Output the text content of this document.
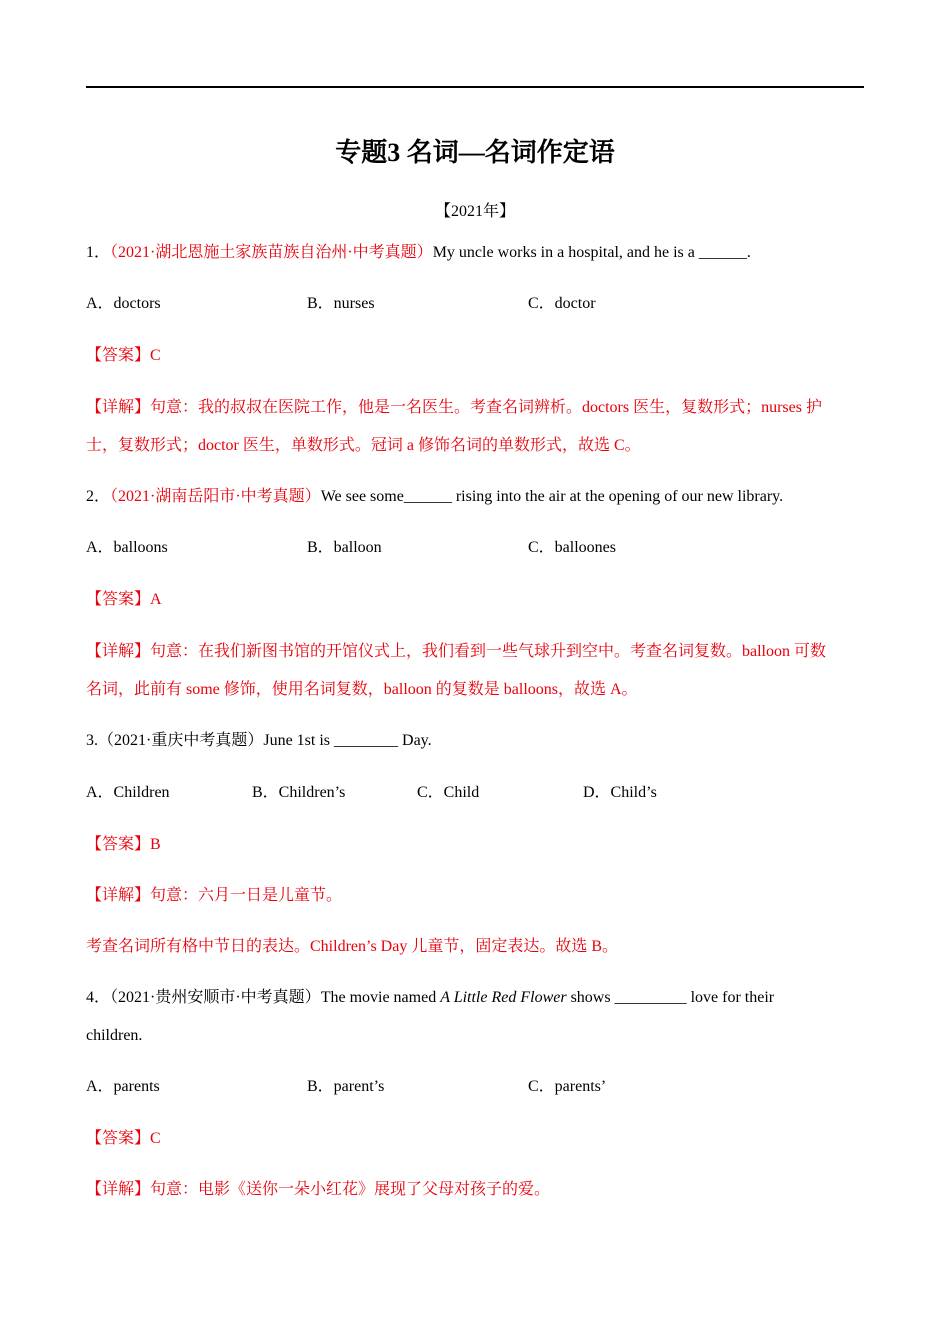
专题3 名词—名词作定语
【2021年】
1．（2021·湖北恩施土家族苗族自治州·中考真题）My uncle works in a hospital, and he is a ______.
A．doctors	B．nurses	C．doctor
【答案】C
【详解】句意：我的叔叔在医院工作，他是一名医生。考查名词辨析。doctors 医生，复数形式；nurses 护
士，复数形式；doctor 医生，单数形式。冠词 a 修饰名词的单数形式，故选 C。
2．（2021·湖南岳阳市·中考真题）We see some______ rising into the air at the opening of our new library.
A．balloons	B．balloon	C．balloones
【答案】A
【详解】句意：在我们新图书馆的开馆仪式上，我们看到一些气球升到空中。考查名词复数。balloon 可数
名词，此前有 some 修饰，使用名词复数，balloon 的复数是 balloons，故选 A。
3.（2021·重庆中考真题）June 1st is ________ Day.
A．Children	B．Children’s	C．Child	D．Child’s
【答案】B
【详解】句意：六月一日是儿童节。
考查名词所有格中节日的表达。Children’s Day 儿童节，固定表达。故选 B。
4．（2021·贵州安顺市·中考真题）The movie named A Little Red Flower shows _________ love for their
children.
A．parents	B．parent’s	C．parents’
【答案】C
【详解】句意：电影《送你一朵小红花》展现了父母对孩子的爱。
